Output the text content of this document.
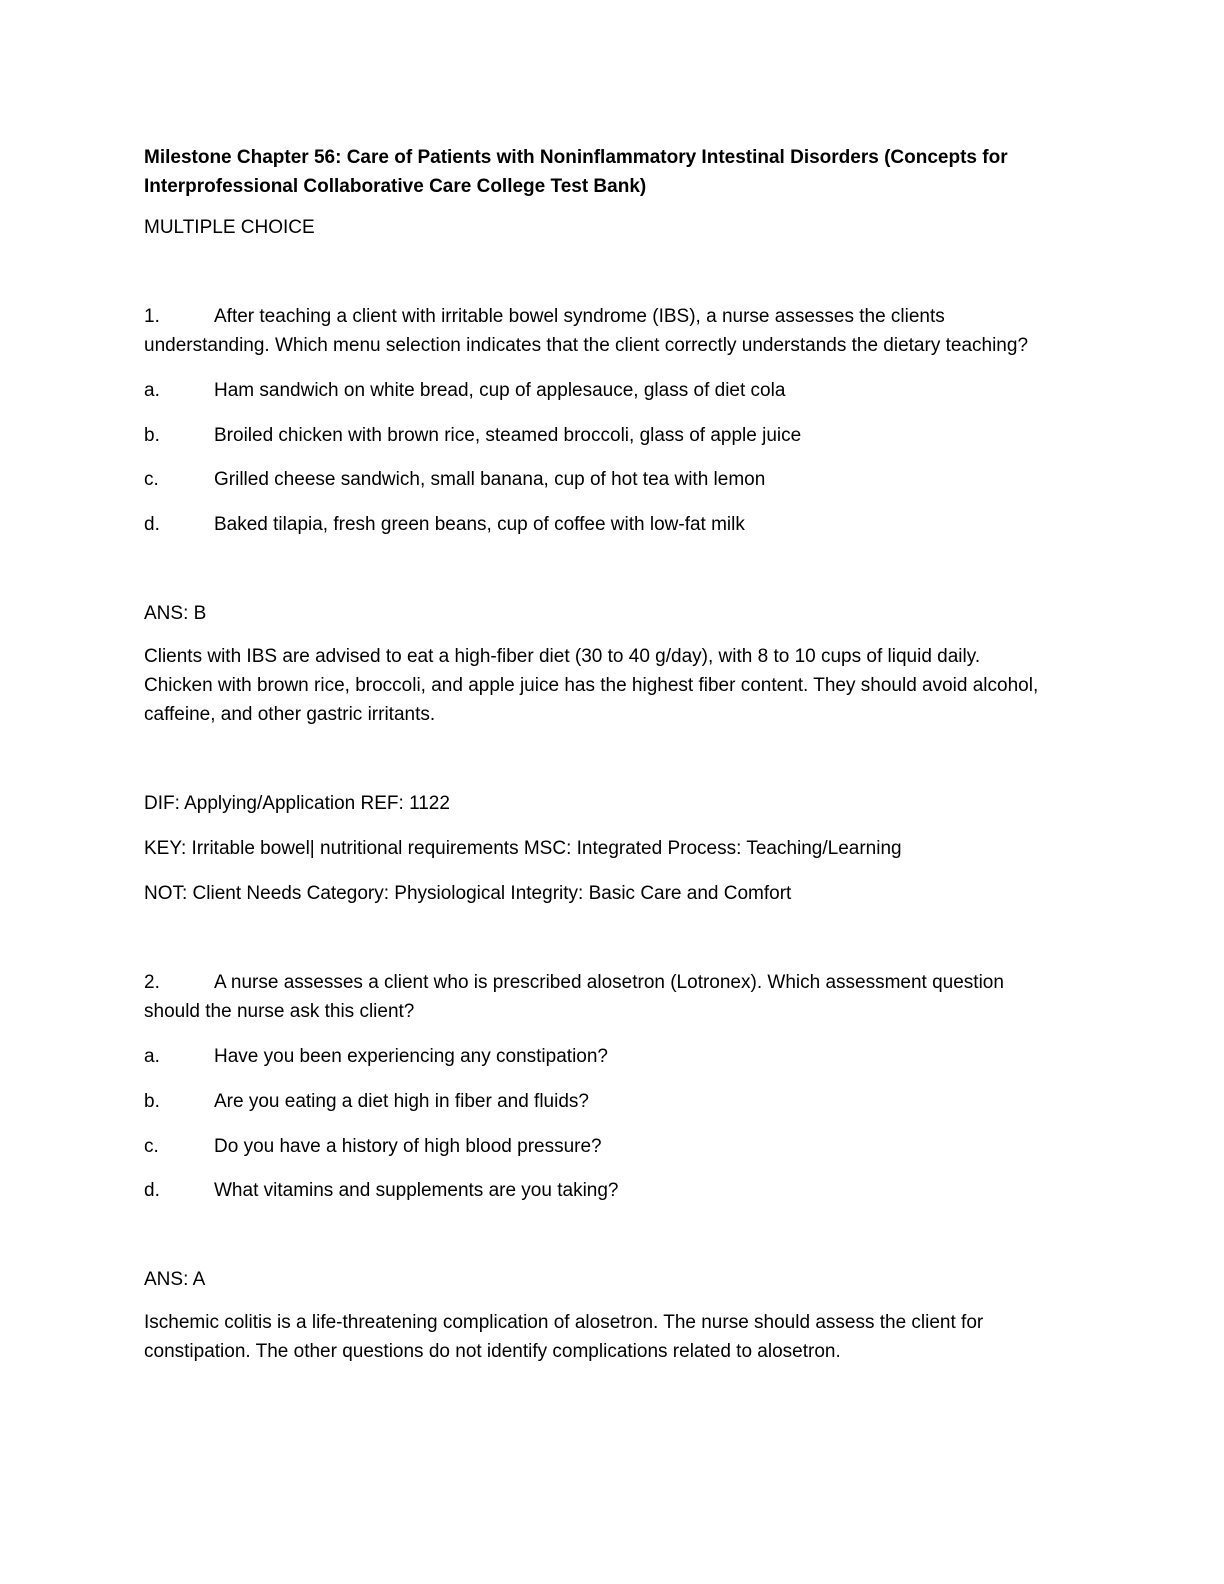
Milestone Chapter 56: Care of Patients with Noninflammatory Intestinal Disorders (Concepts for Interprofessional Collaborative Care College Test Bank)

MULTIPLE CHOICE
1.	After teaching a client with irritable bowel syndrome (IBS), a nurse assesses the clients understanding. Which menu selection indicates that the client correctly understands the dietary teaching?
a.	Ham sandwich on white bread, cup of applesauce, glass of diet cola
b.	Broiled chicken with brown rice, steamed broccoli, glass of apple juice
c.	Grilled cheese sandwich, small banana, cup of hot tea with lemon
d.	Baked tilapia, fresh green beans, cup of coffee with low-fat milk
ANS: B
Clients with IBS are advised to eat a high-fiber diet (30 to 40 g/day), with 8 to 10 cups of liquid daily. Chicken with brown rice, broccoli, and apple juice has the highest fiber content. They should avoid alcohol, caffeine, and other gastric irritants.
DIF: Applying/Application REF: 1122
KEY: Irritable bowel| nutritional requirements MSC: Integrated Process: Teaching/Learning
NOT: Client Needs Category: Physiological Integrity: Basic Care and Comfort
2.	A nurse assesses a client who is prescribed alosetron (Lotronex). Which assessment question should the nurse ask this client?
a.	Have you been experiencing any constipation?
b.	Are you eating a diet high in fiber and fluids?
c.	Do you have a history of high blood pressure?
d.	What vitamins and supplements are you taking?
ANS: A
Ischemic colitis is a life-threatening complication of alosetron. The nurse should assess the client for constipation. The other questions do not identify complications related to alosetron.
